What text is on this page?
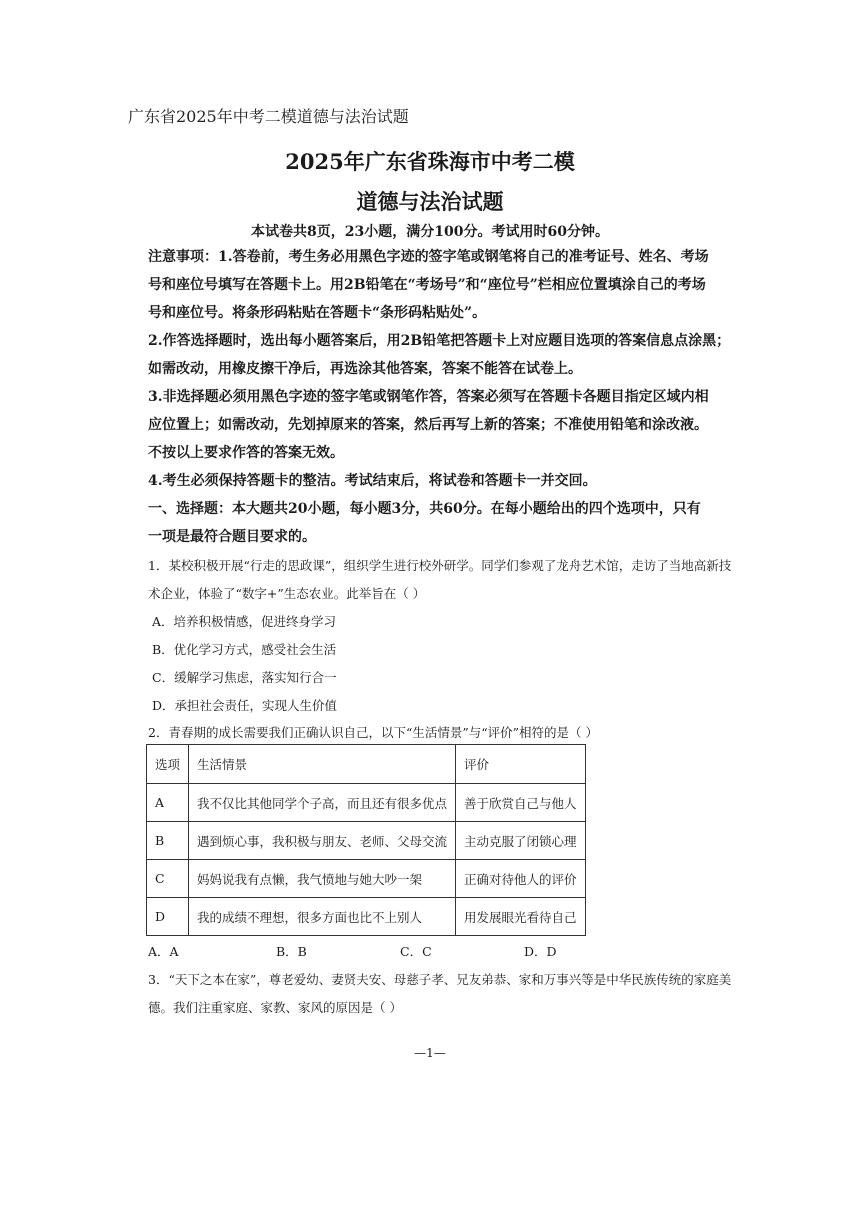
广东省2025年中考二模道德与法治试题
2025年广东省珠海市中考二模
道德与法治试题
本试卷共8页，23小题，满分100分。考试用时60分钟。
注意事项：1.答卷前，考生务必用黑色字迹的签字笔或钢笔将自己的准考证号、姓名、考场
号和座位号填写在答题卡上。用2B铅笔在“考场号”和“座位号”栏相应位置填涂自己的考场
号和座位号。将条形码粘贴在答题卡“条形码粘贴处”。
2.作答选择题时，选出每小题答案后，用2B铅笔把答题卡上对应题目选项的答案信息点涂黑；
如需改动，用橡皮擦干净后，再选涂其他答案，答案不能答在试卷上。
3.非选择题必须用黑色字迹的签字笔或钢笔作答，答案必须写在答题卡各题目指定区域内相
应位置上；如需改动，先划掉原来的答案，然后再写上新的答案；不准使用铅笔和涂改液。
不按以上要求作答的答案无效。
4.考生必须保持答题卡的整洁。考试结束后，将试卷和答题卡一并交回。
一、选择题：本大题共20小题，每小题3分，共60分。在每小题给出的四个选项中，只有
一项是最符合题目要求的。
1．某校积极开展“行走的思政课”，组织学生进行校外研学。同学们参观了龙舟艺术馆，走访了当地高新技
术企业，体验了“数字+”生态农业。此举旨在（ ）
A．培养积极情感，促进终身学习
B．优化学习方式，感受社会生活
C．缓解学习焦虑，落实知行合一
D．承担社会责任，实现人生价值
2．青春期的成长需要我们正确认识自己，以下“生活情景”与“评价”相符的是（ ）
选项	生活情景	评价
A	我不仅比其他同学个子高，而且还有很多优点	善于欣赏自己与他人
B	遇到烦心事，我积极与朋友、老师、父母交流	主动克服了闭锁心理
C	妈妈说我有点懒，我气愤地与她大吵一架	正确对待他人的评价
D	我的成绩不理想，很多方面也比不上别人	用发展眼光看待自己
A．A	B．B	C．C	D．D
3．“天下之本在家”，尊老爱幼、妻贤夫安、母慈子孝、兄友弟恭、家和万事兴等是中华民族传统的家庭美
德。我们注重家庭、家教、家风的原因是（ ）
—1—
